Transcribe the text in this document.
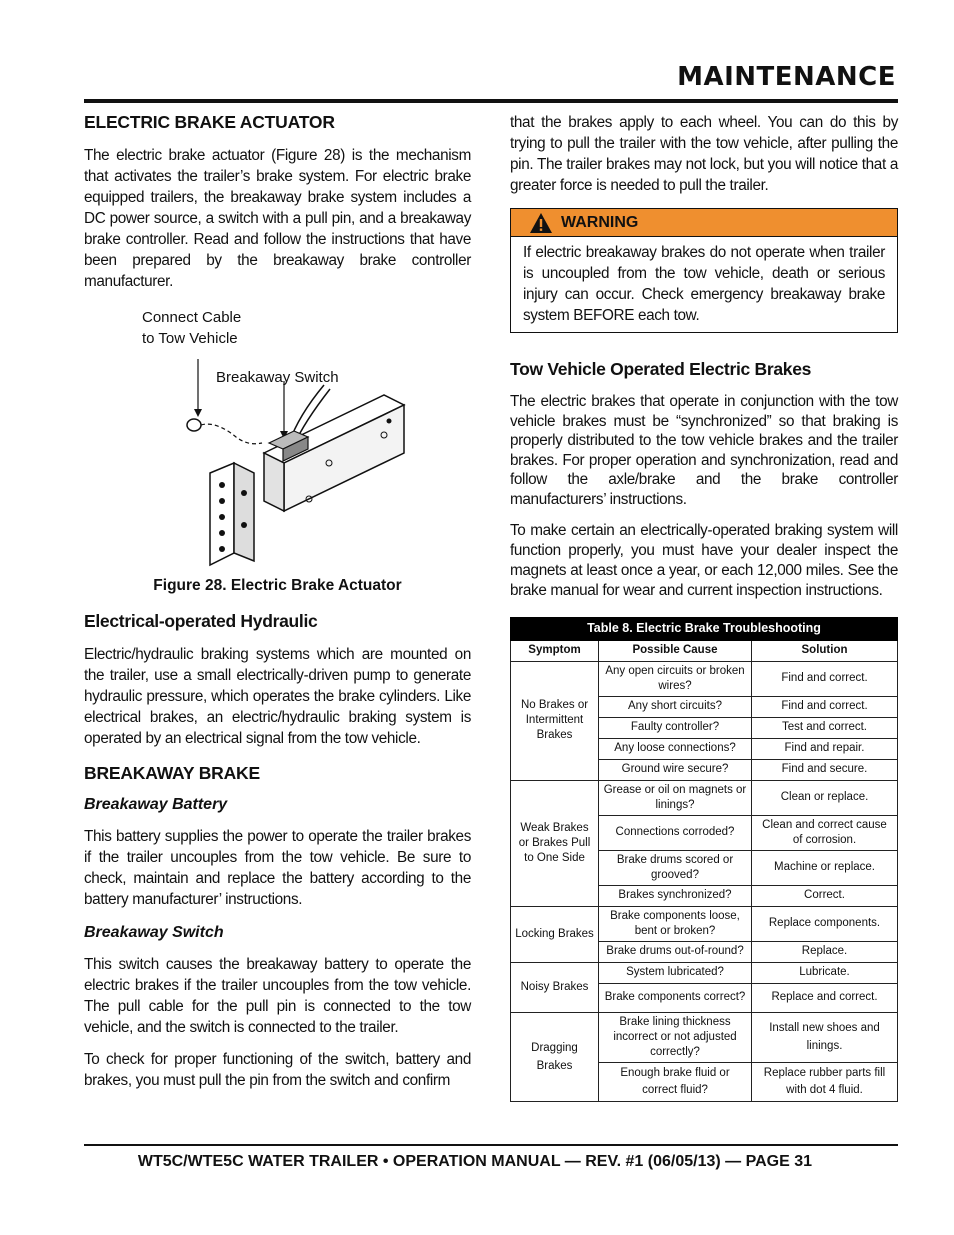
MAINTENANCE
ELECTRIC BRAKE ACTUATOR

The electric brake actuator (Figure 28) is the mechanism that activates the trailer’s brake system. For electric brake equipped trailers, the breakaway brake system includes a DC power source, a switch with a pull pin, and a breakaway brake controller. Read and follow the instructions that have been prepared by the breakaway brake controller manufacturer.

Connect Cable
to Tow Vehicle
Breakaway Switch
Figure 28. Electric Brake Actuator
Electrical-operated Hydraulic

Electric/hydraulic braking systems which are mounted on the trailer, use a small electrically-driven pump to generate hydraulic pressure, which operates the brake cylinders. Like electrical brakes, an electric/hydraulic braking system is operated by an electrical signal from the tow vehicle.

BREAKAWAY BRAKE
Breakaway Battery

This battery supplies the power to operate the trailer brakes if the trailer uncouples from the tow vehicle. Be sure to check, maintain and replace the battery according to the battery manufacturer’ instructions.

Breakaway Switch

This switch causes the breakaway battery to operate the electric brakes if the trailer uncouples from the tow vehicle. The pull cable for the pull pin is connected to the tow vehicle, and the switch is connected to the trailer.

To check for proper functioning of the switch, battery and brakes, you must pull the pin from the switch and confirm

that the brakes apply to each wheel. You can do this by trying to pull the trailer with the tow vehicle, after pulling the pin. The trailer brakes may not lock, but you will notice that a greater force is needed to pull the trailer.

WARNING
If electric breakaway brakes do not operate when trailer is uncoupled from the tow vehicle, death or serious injury can occur. Check emergency breakaway brake system BEFORE each tow.
Tow Vehicle Operated Electric Brakes

The electric brakes that operate in conjunction with the tow vehicle brakes must be “synchronized” so that braking is properly distributed to the tow vehicle brakes and the trailer brakes. For proper operation and synchronization, read and follow the axle/brake and the brake controller manufacturers’ instructions.

To make certain an electrically-operated braking system will function properly, you must have your dealer inspect the magnets at least once a year, or each 12,000 miles. See the brake manual for wear and current inspection instructions.

Table 8. Electric Brake Troubleshooting		
Symptom	Possible Cause	Solution
No Brakes or Intermittent Brakes	Any open circuits or broken wires?	Find and correct.
	Any short circuits?	Find and correct.
	Faulty controller?	Test and correct.
	Any loose connections?	Find and repair.
	Ground wire secure?	Find and secure.
Weak Brakes or Brakes Pull to One Side	Grease or oil on magnets or linings?	Clean or replace.
	Connections corroded?	Clean and correct cause of corrosion.
	Brake drums scored or grooved?	Machine or replace.
	Brakes synchronized?	Correct.
Locking Brakes	Brake components loose, bent or broken?	Replace components.
	Brake drums out-of-round?	Replace.
Noisy Brakes	System lubricated?	Lubricate.
	Brake components correct?	Replace and correct.
Dragging Brakes	Brake lining thickness incorrect or not adjusted correctly?	Install new shoes and linings.
	Enough brake fluid or correct fluid?	Replace rubber parts fill with dot 4 fluid.
WT5C/WTE5C WATER TRAILER • OPERATION MANUAL — REV. #1 (06/05/13) — PAGE 31
